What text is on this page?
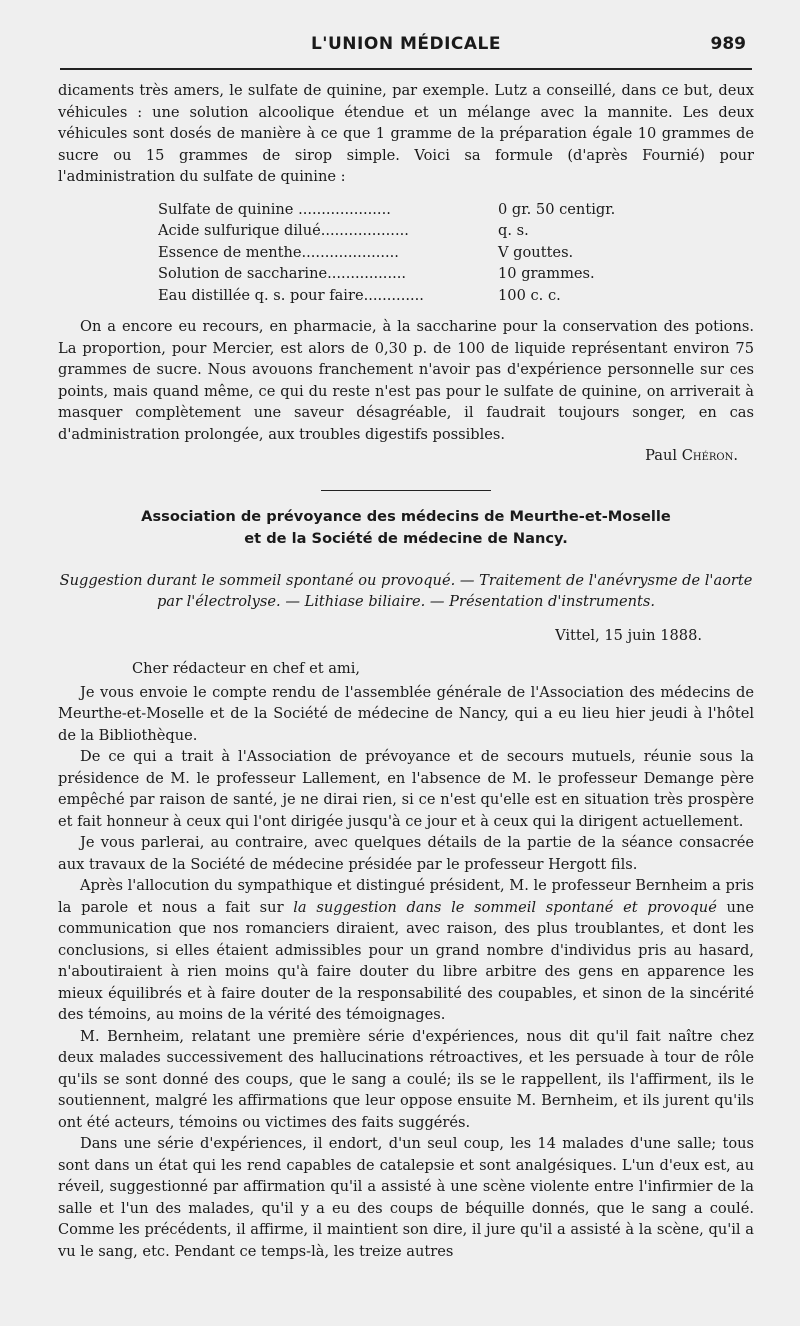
L'UNION MÉDICALE	989

dicaments très amers, le sulfate de quinine, par exemple. Lutz a conseillé, dans ce but, deux véhicules : une solution alcoolique étendue et un mélange avec la mannite. Les deux véhicules sont dosés de manière à ce que 1 gramme de la préparation égale 10 grammes de sucre ou 15 grammes de sirop simple. Voici sa formule (d'après Fournié) pour l'administration du sulfate de quinine :

Sulfate de quinine ....................	0 gr. 50 centigr.
Acide sulfurique dilué...................	q. s.
Essence de menthe.....................	V gouttes.
Solution de saccharine.................	10 grammes.
Eau distillée q. s. pour faire.............	100 c. c.

On a encore eu recours, en pharmacie, à la saccharine pour la conservation des potions. La proportion, pour Mercier, est alors de 0,30 p. de 100 de liquide représentant environ 75 grammes de sucre. Nous avouons franchement n'avoir pas d'expérience personnelle sur ces points, mais quand même, ce qui du reste n'est pas pour le sulfate de quinine, on arriverait à masquer complètement une saveur désagréable, il faudrait toujours songer, en cas d'administration prolongée, aux troubles digestifs possibles.

Paul Chéron.

Association de prévoyance des médecins de Meurthe-et-Moselle
et de la Société de médecine de Nancy.
Suggestion durant le sommeil spontané ou provoqué. — Traitement de l'anévrysme de l'aorte par l'électrolyse. — Lithiase biliaire. — Présentation d'instruments.
Vittel, 15 juin 1888.
Cher rédacteur en chef et ami,

Je vous envoie le compte rendu de l'assemblée générale de l'Association des médecins de Meurthe-et-Moselle et de la Société de médecine de Nancy, qui a eu lieu hier jeudi à l'hôtel de la Bibliothèque.

De ce qui a trait à l'Association de prévoyance et de secours mutuels, réunie sous la présidence de M. le professeur Lallement, en l'absence de M. le professeur Demange père empêché par raison de santé, je ne dirai rien, si ce n'est qu'elle est en situation très prospère et fait honneur à ceux qui l'ont dirigée jusqu'à ce jour et à ceux qui la dirigent actuellement.

Je vous parlerai, au contraire, avec quelques détails de la partie de la séance consacrée aux travaux de la Société de médecine présidée par le professeur Hergott fils.

Après l'allocution du sympathique et distingué président, M. le professeur Bernheim a pris la parole et nous a fait sur la suggestion dans le sommeil spontané et provoqué une communication que nos romanciers diraient, avec raison, des plus troublantes, et dont les conclusions, si elles étaient admissibles pour un grand nombre d'individus pris au hasard, n'aboutiraient à rien moins qu'à faire douter du libre arbitre des gens en apparence les mieux équilibrés et à faire douter de la responsabilité des coupables, et sinon de la sincérité des témoins, au moins de la vérité des témoignages.

M. Bernheim, relatant une première série d'expériences, nous dit qu'il fait naître chez deux malades successivement des hallucinations rétroactives, et les persuade à tour de rôle qu'ils se sont donné des coups, que le sang a coulé; ils se le rappellent, ils l'affirment, ils le soutiennent, malgré les affirmations que leur oppose ensuite M. Bernheim, et ils jurent qu'ils ont été acteurs, témoins ou victimes des faits suggérés.

Dans une série d'expériences, il endort, d'un seul coup, les 14 malades d'une salle; tous sont dans un état qui les rend capables de catalepsie et sont analgésiques. L'un d'eux est, au réveil, suggestionné par affirmation qu'il a assisté à une scène violente entre l'infirmier de la salle et l'un des malades, qu'il y a eu des coups de béquille donnés, que le sang a coulé. Comme les précédents, il affirme, il maintient son dire, il jure qu'il a assisté à la scène, qu'il a vu le sang, etc. Pendant ce temps-là, les treize autres
